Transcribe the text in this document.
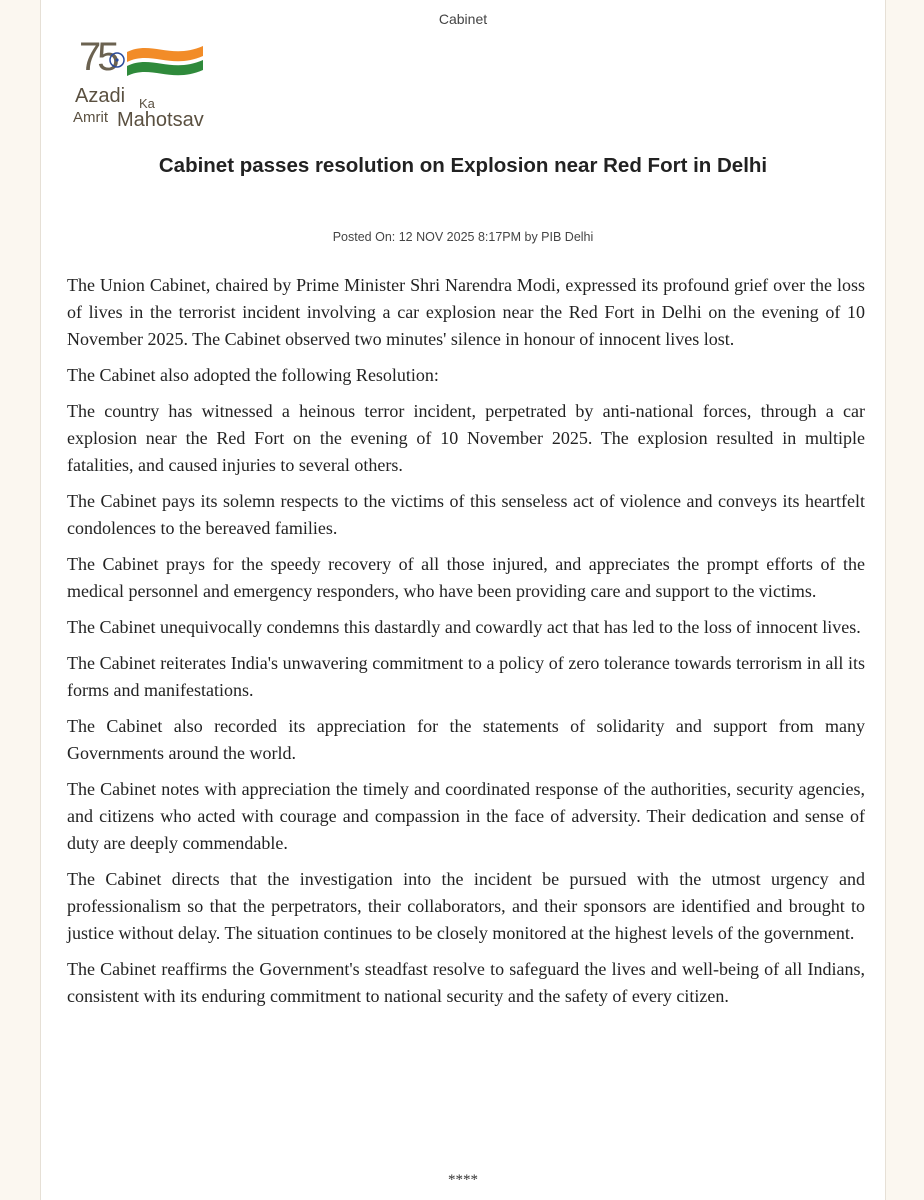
Cabinet
75
Azadi Ka
Amrit Mahotsav
Cabinet passes resolution on Explosion near Red Fort in Delhi
Posted On: 12 NOV 2025 8:17PM by PIB Delhi

The Union Cabinet, chaired by Prime Minister Shri Narendra Modi, expressed its profound grief over the loss of lives in the terrorist incident involving a car explosion near the Red Fort in Delhi on the evening of 10 November 2025. The Cabinet observed two minutes' silence in honour of innocent lives lost.

The Cabinet also adopted the following Resolution:

The country has witnessed a heinous terror incident, perpetrated by anti-national forces, through a car explosion near the Red Fort on the evening of 10 November 2025. The explosion resulted in multiple fatalities, and caused injuries to several others.

The Cabinet pays its solemn respects to the victims of this senseless act of violence and conveys its heartfelt condolences to the bereaved families.

The Cabinet prays for the speedy recovery of all those injured, and appreciates the prompt efforts of the medical personnel and emergency responders, who have been providing care and support to the victims.

The Cabinet unequivocally condemns this dastardly and cowardly act that has led to the loss of innocent lives.

The Cabinet reiterates India's unwavering commitment to a policy of zero tolerance towards terrorism in all its forms and manifestations.

The Cabinet also recorded its appreciation for the statements of solidarity and support from many Governments around the world.

The Cabinet notes with appreciation the timely and coordinated response of the authorities, security agencies, and citizens who acted with courage and compassion in the face of adversity. Their dedication and sense of duty are deeply commendable.

The Cabinet directs that the investigation into the incident be pursued with the utmost urgency and professionalism so that the perpetrators, their collaborators, and their sponsors are identified and brought to justice without delay. The situation continues to be closely monitored at the highest levels of the government.

The Cabinet reaffirms the Government's steadfast resolve to safeguard the lives and well-being of all Indians, consistent with its enduring commitment to national security and the safety of every citizen.

****
